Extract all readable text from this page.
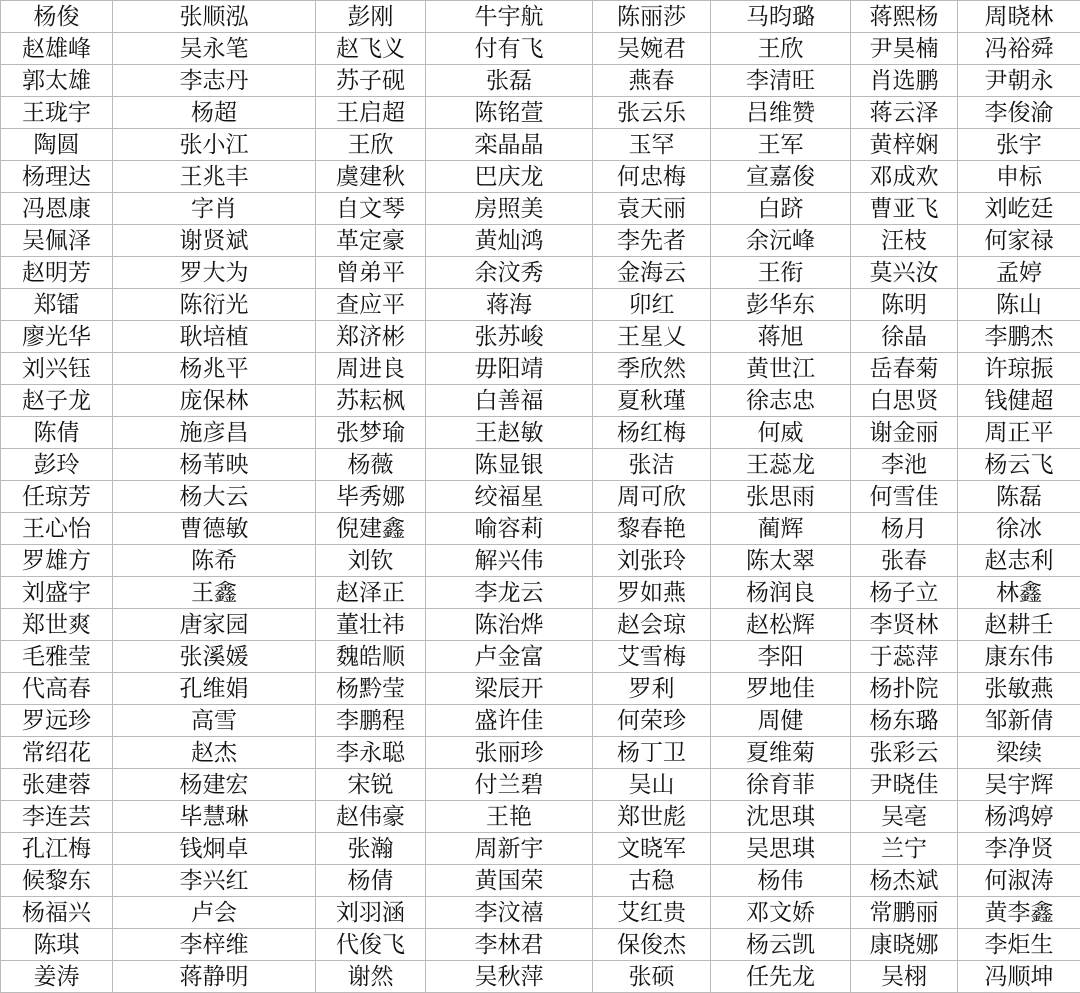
杨俊	张顺泓	彭刚	牛宇航	陈丽莎	马昀璐	蒋熙杨	周晓林
赵雄峰	吴永笔	赵飞义	付有飞	吴婉君	王欣	尹昊楠	冯裕舜
郭太雄	李志丹	苏子砚	张磊	燕春	李清旺	肖选鹏	尹朝永
王珑宇	杨超	王启超	陈铭萱	张云乐	吕维赞	蒋云泽	李俊渝
陶圆	张小江	王欣	栾晶晶	玉罕	王军	黄梓娴	张宇
杨理达	王兆丰	虞建秋	巴庆龙	何忠梅	宣嘉俊	邓成欢	申标
冯恩康	字肖	自文琴	房照美	袁天丽	白跻	曹亚飞	刘屹廷
吴佩泽	谢贤斌	革定豪	黄灿鸿	李先者	余沅峰	汪枝	何家禄
赵明芳	罗大为	曾弟平	余汶秀	金海云	王衔	莫兴汝	孟婷
郑镭	陈衍光	查应平	蒋海	卯红	彭华东	陈明	陈山
廖光华	耿培植	郑济彬	张苏峻	王星乂	蒋旭	徐晶	李鹏杰
刘兴钰	杨兆平	周进良	毋阳靖	季欣然	黄世江	岳春菊	许琼振
赵子龙	庞保林	苏耘枫	白善福	夏秋瑾	徐志忠	白思贤	钱健超
陈倩	施彦昌	张梦瑜	王赵敏	杨红梅	何威	谢金丽	周正平
彭玲	杨苇映	杨薇	陈显银	张洁	王蕊龙	李池	杨云飞
任琼芳	杨大云	毕秀娜	绞福星	周可欣	张思雨	何雪佳	陈磊
王心怡	曹德敏	倪建鑫	喻容莉	黎春艳	蔺辉	杨月	徐冰
罗雄方	陈希	刘钦	解兴伟	刘张玲	陈太翠	张春	赵志利
刘盛宇	王鑫	赵泽正	李龙云	罗如燕	杨润良	杨子立	林鑫
郑世爽	唐家园	董壮祎	陈治烨	赵会琼	赵松辉	李贤林	赵耕壬
毛雅莹	张溪媛	魏皓顺	卢金富	艾雪梅	李阳	于蕊萍	康东伟
代高春	孔维娟	杨黔莹	梁辰开	罗利	罗地佳	杨扑院	张敏燕
罗远珍	高雪	李鹏程	盛许佳	何荣珍	周健	杨东璐	邹新倩
常绍花	赵杰	李永聪	张丽珍	杨丁卫	夏维菊	张彩云	梁续
张建蓉	杨建宏	宋锐	付兰碧	吴山	徐育菲	尹晓佳	吴宇辉
李连芸	毕慧琳	赵伟豪	王艳	郑世彪	沈思琪	吴亳	杨鸿婷
孔江梅	钱炯卓	张瀚	周新宇	文晓军	吴思琪	兰宁	李净贤
候黎东	李兴红	杨倩	黄国荣	古稳	杨伟	杨杰斌	何淑涛
杨福兴	卢会	刘羽涵	李汶禧	艾红贵	邓文娇	常鹏丽	黄李鑫
陈琪	李梓维	代俊飞	李林君	保俊杰	杨云凯	康晓娜	李炬生
姜涛	蒋静明	谢然	吴秋萍	张硕	任先龙	吴栩	冯顺坤
